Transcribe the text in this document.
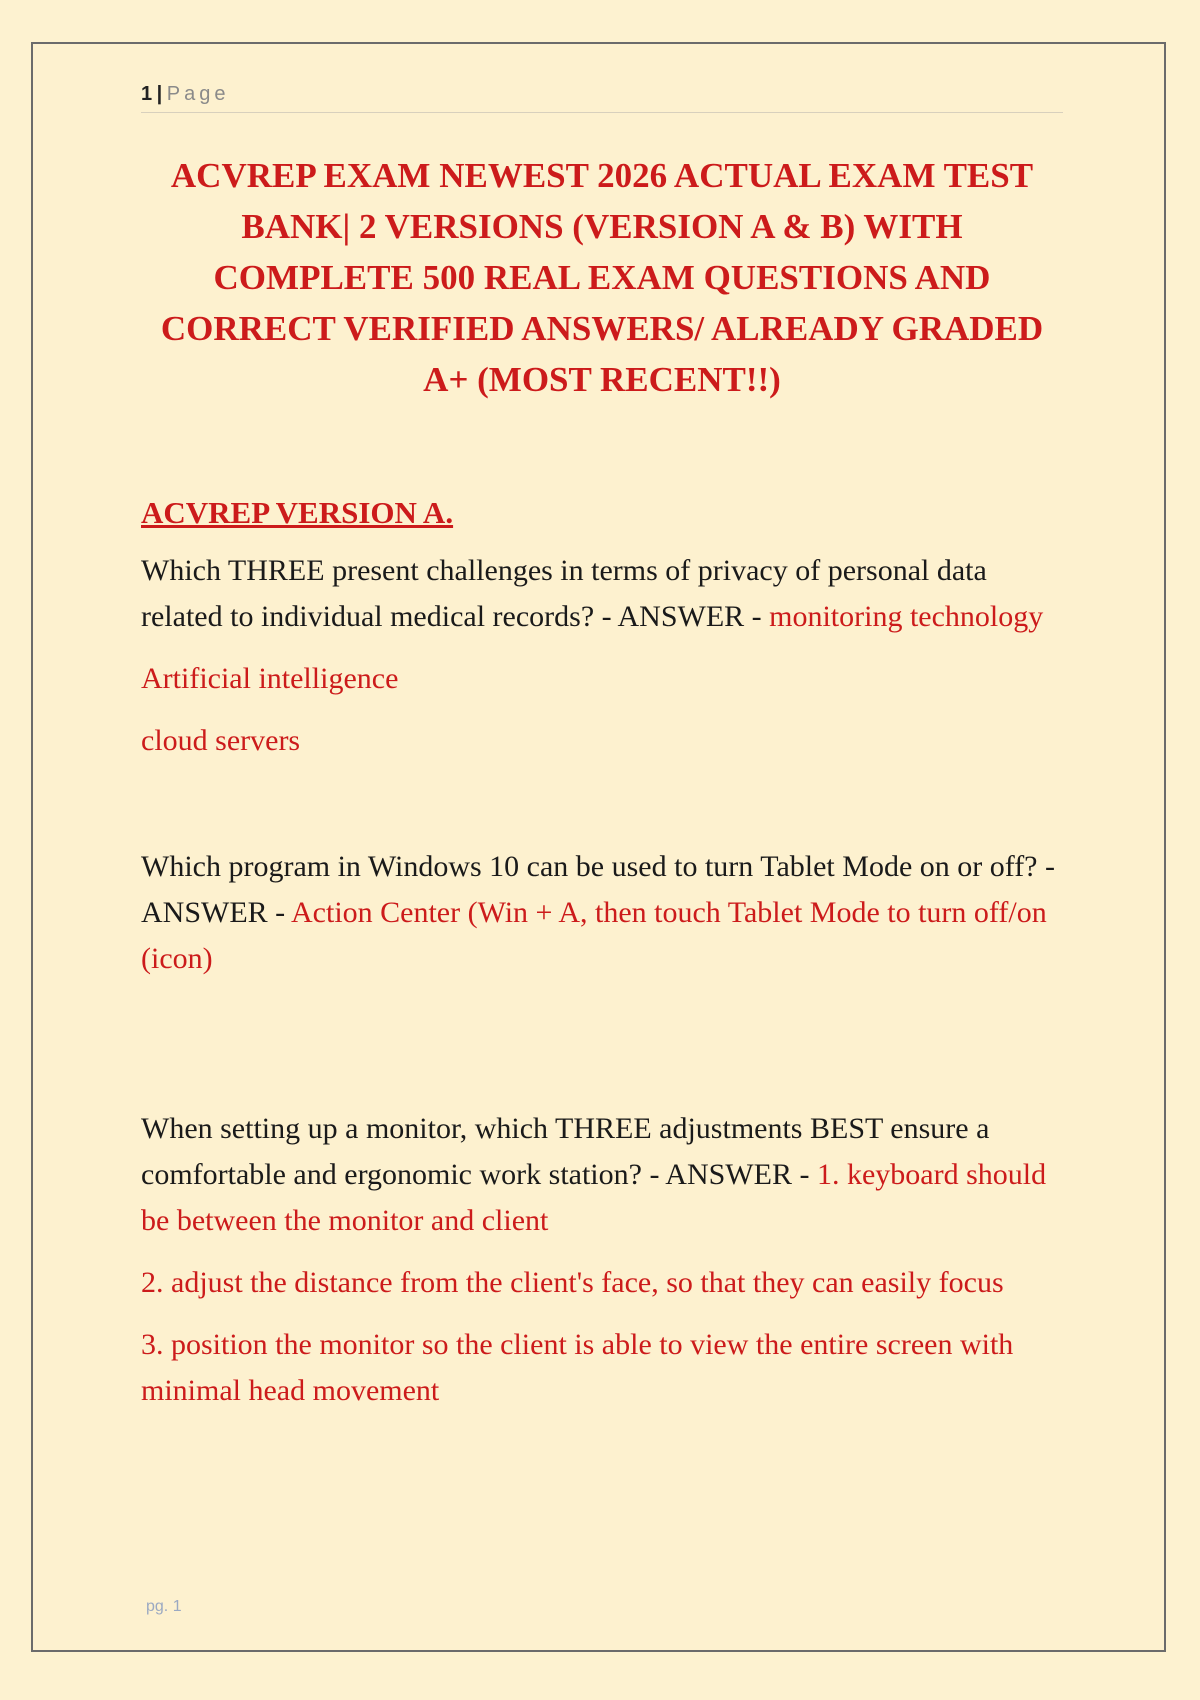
1 | Page
ACVREP EXAM NEWEST 2026 ACTUAL EXAM TEST BANK| 2 VERSIONS (VERSION A & B) WITH COMPLETE 500 REAL EXAM QUESTIONS AND CORRECT VERIFIED ANSWERS/ ALREADY GRADED A+ (MOST RECENT!!)
ACVREP VERSION A.

Which THREE present challenges in terms of privacy of personal data related to individual medical records? - ANSWER - monitoring technology

Artificial intelligence

cloud servers

Which program in Windows 10 can be used to turn Tablet Mode on or off? - ANSWER - Action Center (Win + A, then touch Tablet Mode to turn off/on (icon)

When setting up a monitor, which THREE adjustments BEST ensure a comfortable and ergonomic work station? - ANSWER - 1. keyboard should be between the monitor and client

2. adjust the distance from the client's face, so that they can easily focus

3. position the monitor so the client is able to view the entire screen with minimal head movement

pg. 1
